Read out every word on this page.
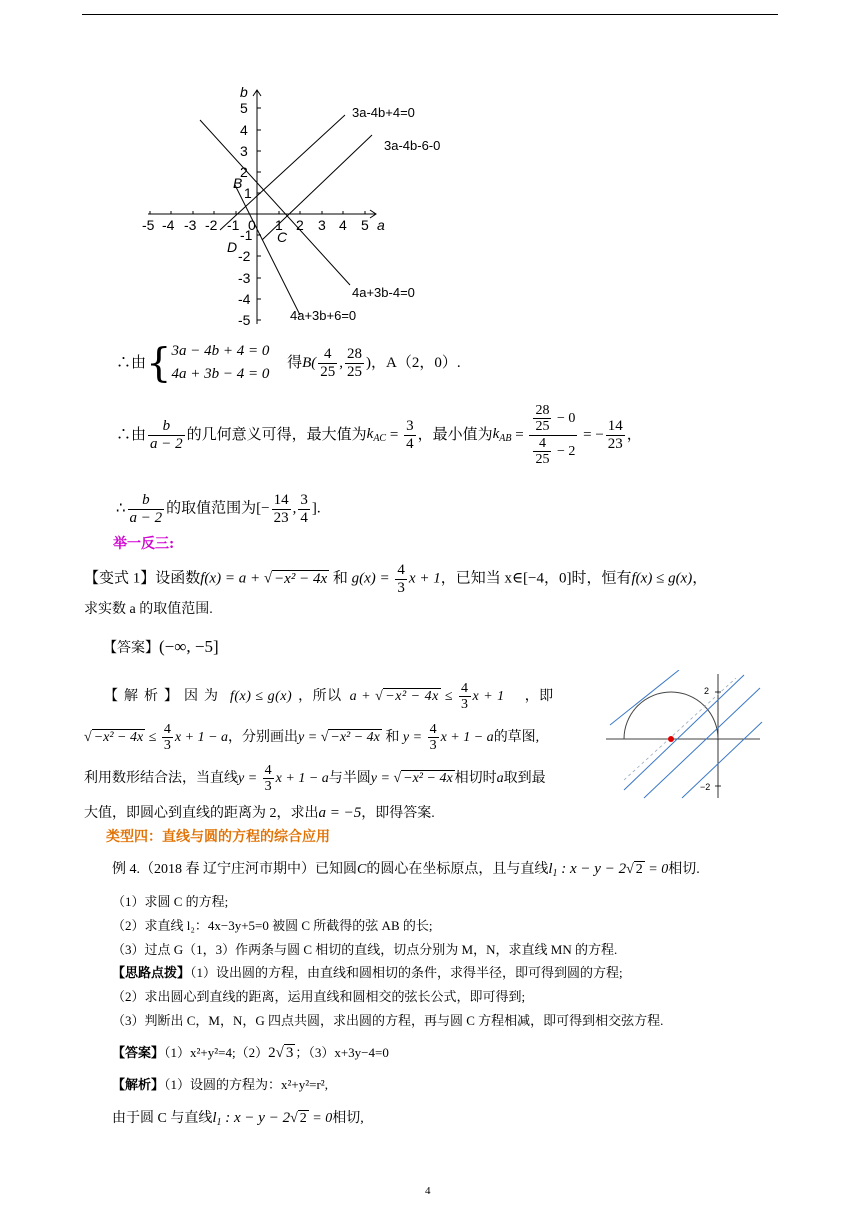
b
a
-5 -4 -3 -2 -1 0 1 2 3 4 5
5
4
3
2
1
-1
-2
-3
-4
-5
3a-4b+4=0
3a-4b-6-0
4a+3b-4=0
4a+3b+6=0
B
C
D
∴由{ 3a − 4b + 4 = 0
4a + 3b − 4 = 0
得$B( \frac{4}{25}$ , $\frac{28}{25}$ )，A（2，0）.
∴由 $\frac{b}{a - 2}$ 的几何意义可得，最大值为$k_{AC} = \frac{3}{4}$ ，最小值为$k_{AB} = \frac{\frac{28}{25} - 0}{\frac{4}{25} - 2}$ = − $\frac{14}{23}$ ，
∴ $\frac{b}{a - 2}$ 的取值范围为[− $\frac{14}{23}$ , $\frac{3}{4}$ ].
举一反三:
【变式 1】设函数f(x) = a + √ −x² − 4x 和 $g(x) = \frac{4}{3}$ x + 1，已知当 x∈[−4，0]时，恒有f(x) ≤ g(x)，
求实数 a 的取值范围.
【答案】(−∞, −5]
【解析】因为 f(x) ≤ g(x) ，所以 a + √ $-x^2 - 4x \le \frac{4}{3}$ x + 1 ，即
√ $-x^2 - 4x \le \frac{4}{3}$ x + 1 − a，分别画出y = √ −x² − 4x 和 $y = \frac{4}{3}$ x + 1 − a的草图,
利用数形结合法，当直线$y = \frac{4}{3}$ x + 1 − a与半圆y = √ −x² − 4x 相切时a取到最
大值，即圆心到直线的距离为 2，求出a = −5，即得答案.
2
−2
类型四：直线与圆的方程的综合应用
例 4.（2018 春 辽宁庄河市期中）已知圆C的圆心在坐标原点，且与直线$l_1$ : x − y − 2√ 2 = 0相切.
（1）求圆 C 的方程;
（2）求直线 l₂：4x−3y+5=0 被圆 C 所截得的弦 AB 的长;
（3）过点 G（1，3）作两条与圆 C 相切的直线，切点分别为 M，N，求直线 MN 的方程.
【思路点拨】（1）设出圆的方程，由直线和圆相切的条件，求得半径，即可得到圆的方程;
（2）求出圆心到直线的距离，运用直线和圆相交的弦长公式，即可得到;
（3）判断出 C，M，N，G 四点共圆，求出圆的方程，再与圆 C 方程相减，即可得到相交弦方程.
【答案】（1）x²+y²=4;（2）2√ 3 ；（3）x+3y−4=0
【解析】（1）设圆的方程为：x²+y²=r²,
由于圆 C 与直线$l_1$ : x − y − 2√ 2 = 0相切,
4
